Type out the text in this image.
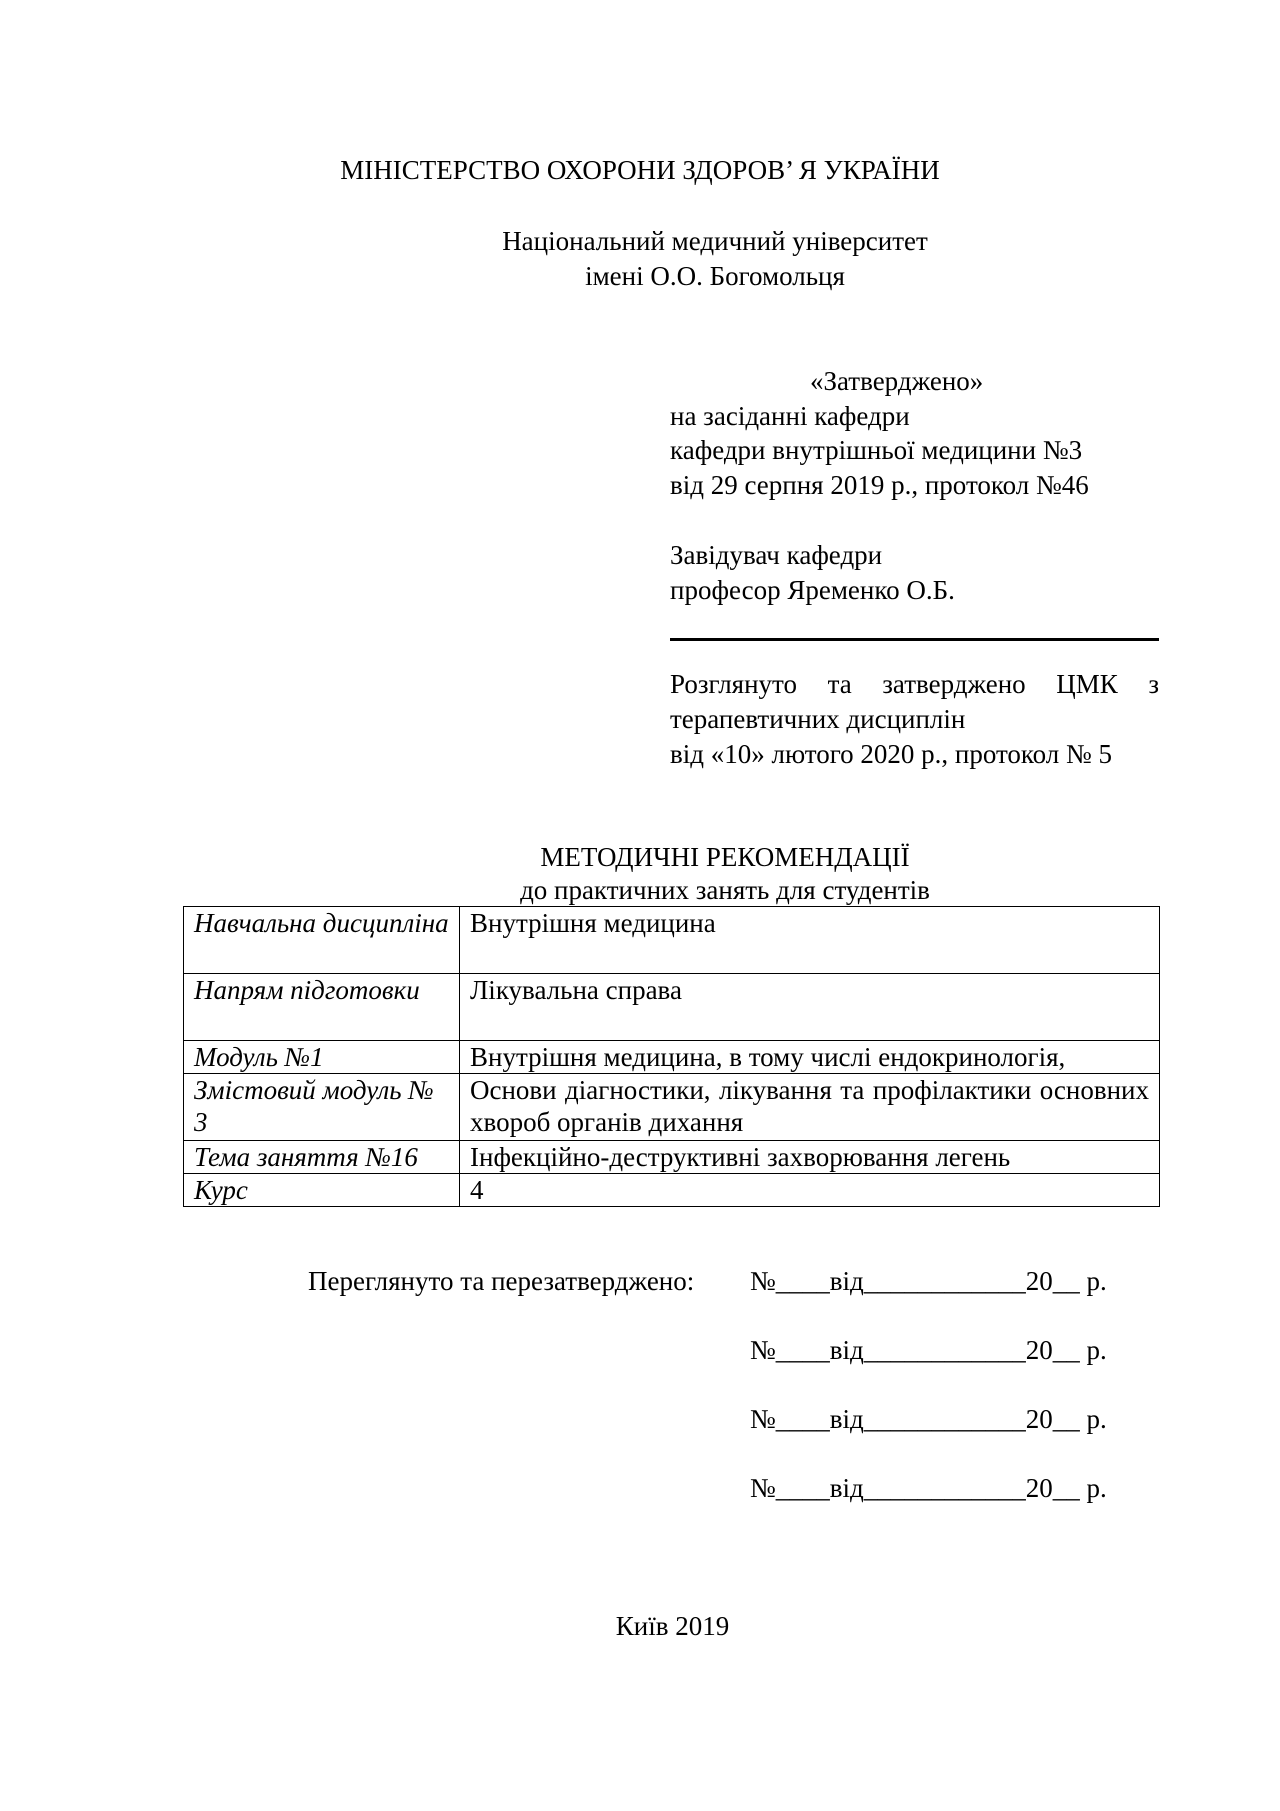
МІНІСТЕРСТВО ОХОРОНИ ЗДОРОВ’ Я УКРАЇНИ
Національний медичний університет
імені О.О. Богомольця
«Затверджено»
на засіданні кафедри
кафедри внутрішньої медицини №3
від 29 серпня 2019 р., протокол №46
Завідувач кафедри
професор Яременко О.Б.
Розглянуто та затверджено ЦМК з
терапевтичних дисциплін
від «10» лютого 2020 р., протокол № 5
МЕТОДИЧНІ РЕКОМЕНДАЦІЇ
до практичних занять для студентів
Навчальна дисципліна	Внутрішня медицина
Напрям підготовки	Лікувальна справа
Модуль №1	Внутрішня медицина, в тому числі ендокринологія,
Змістовий модуль № 3	Основи діагностики, лікування та профілактики основних хвороб органів дихання
Тема заняття №16	Інфекційно-деструктивні захворювання легень
Курс	4
Переглянуто та перезатверджено: №____від____________20__ р.
№____від____________20__ р.
№____від____________20__ р.
№____від____________20__ р.
Київ 2019
